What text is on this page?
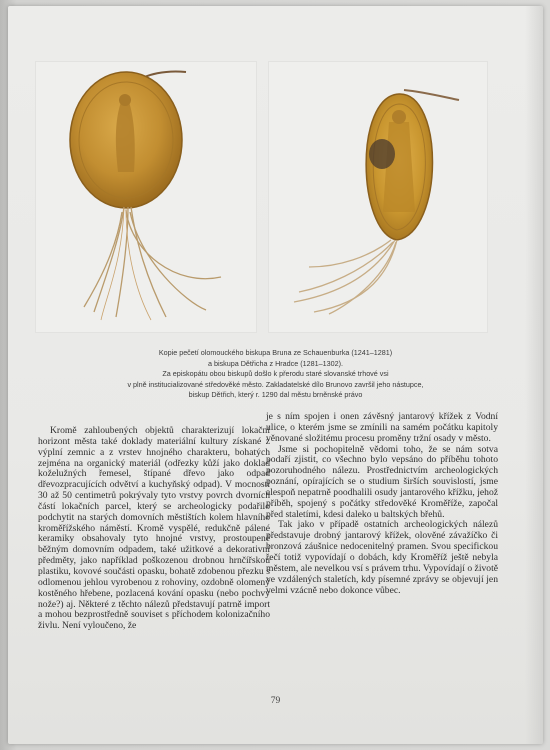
Kopie pečetí olomouckého biskupa Bruna ze Schauenburka (1241–1281)
a biskupa Dětřicha z Hradce (1281–1302).
Za episkopátu obou biskupů došlo k přerodu staré slovanské trhové vsi
v plně institucializované středověké město. Zakladatelské dílo Brunovo završil jeho nástupce,
biskup Dětřich, který r. 1290 dal městu brněnské právo

Kromě zahloubených objektů charakterizují lokační horizont města také doklady materiální kultury získané z výplní zemnic a z vrstev hnojného charakteru, bohatých zejména na organický materiál (odřezky kůží jako doklad koželužných řemesel, štípané dřevo jako odpad dřevozpracujících odvětví a kuchyňský odpad). V mocnosti 30 až 50 centimetrů pokrývaly tyto vrstvy povrch dvorních částí lokačních parcel, který se archeologicky podařilo podchytit na starých domovních městištích kolem hlavního kroměřížského náměstí. Kromě vyspělé, redukčně pálené keramiky obsahovaly tyto hnojné vrstvy, prostoupené běžným domovním odpadem, také užitkové a dekorativní předměty, jako například poškozenou drobnou hrnčířskou plastiku, kovové součásti opasku, bohatě zdobenou přezku s odlomenou jehlou vyrobenou z rohoviny, ozdobně olomený kostěného hřebene, pozlacená kování opasku (nebo pochvy nože?) aj. Některé z těchto nálezů představují patrně import a mohou bezprostředně souviset s příchodem kolonizačního živlu. Není vyloučeno, že

je s ním spojen i onen závěsný jantarový křížek z Vodní ulice, o kterém jsme se zmínili na samém počátku kapitoly věnované složitému procesu proměny tržní osady v město.

Jsme si pochopitelně vědomi toho, že se nám sotva podaří zjistit, co všechno bylo vepsáno do příběhu tohoto pozoruhodného nálezu. Prostřednictvím archeologických poznání, opírajících se o studium širších souvislostí, jsme alespoň nepatrně poodhalili osudy jantarového křížku, jehož příběh, spojený s počátky středověké Kroměříže, započal před staletími, kdesi daleko u baltských břehů.

Tak jako v případě ostatních archeologických nálezů představuje drobný jantarový křížek, olověné závažíčko či bronzová záušnice nedocenitelný pramen. Svou specifickou řečí totiž vypovídají o dobách, kdy Kroměříž ještě nebyla městem, ale nevelkou vsí s právem trhu. Vypovídají o životě ve vzdálených staletích, kdy písemné zprávy se objevují jen velmi vzácně nebo dokonce vůbec.

79
